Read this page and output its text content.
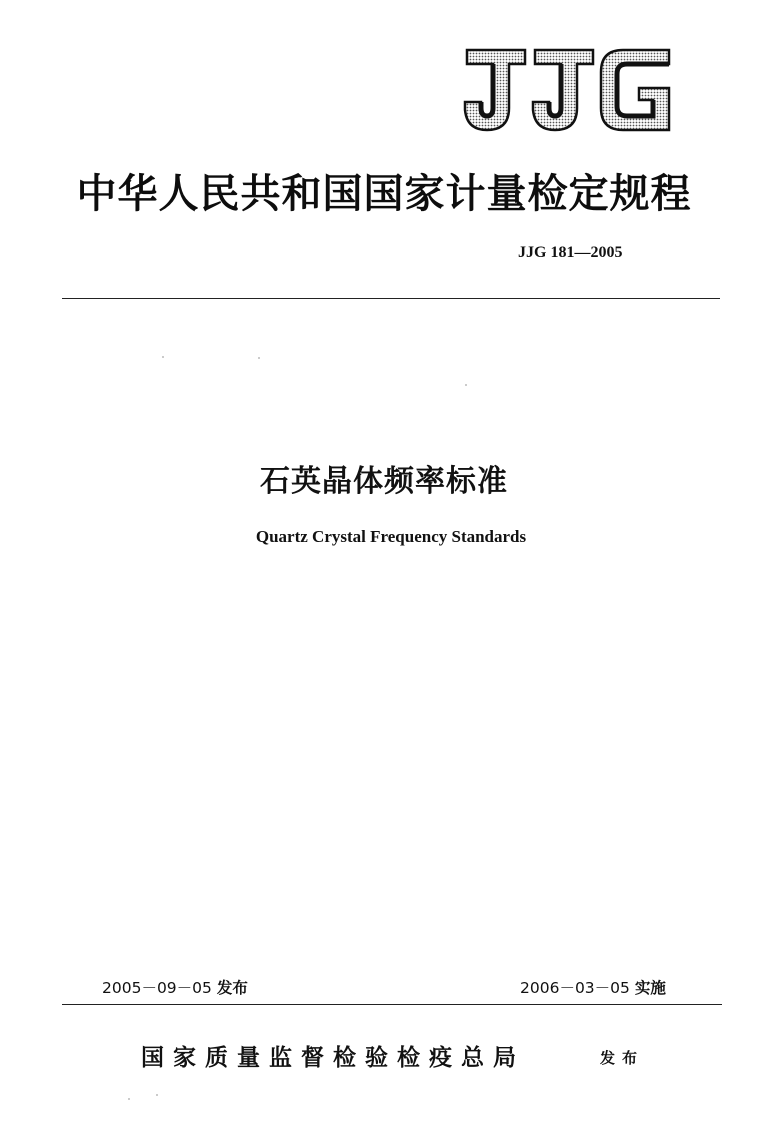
中华人民共和国国家计量检定规程
JJG 181—2005
石英晶体频率标准
Quartz Crystal Frequency Standards
2005－09－05 发布	2006－03－05 实施
国家质量监督检验检疫总局	发布
